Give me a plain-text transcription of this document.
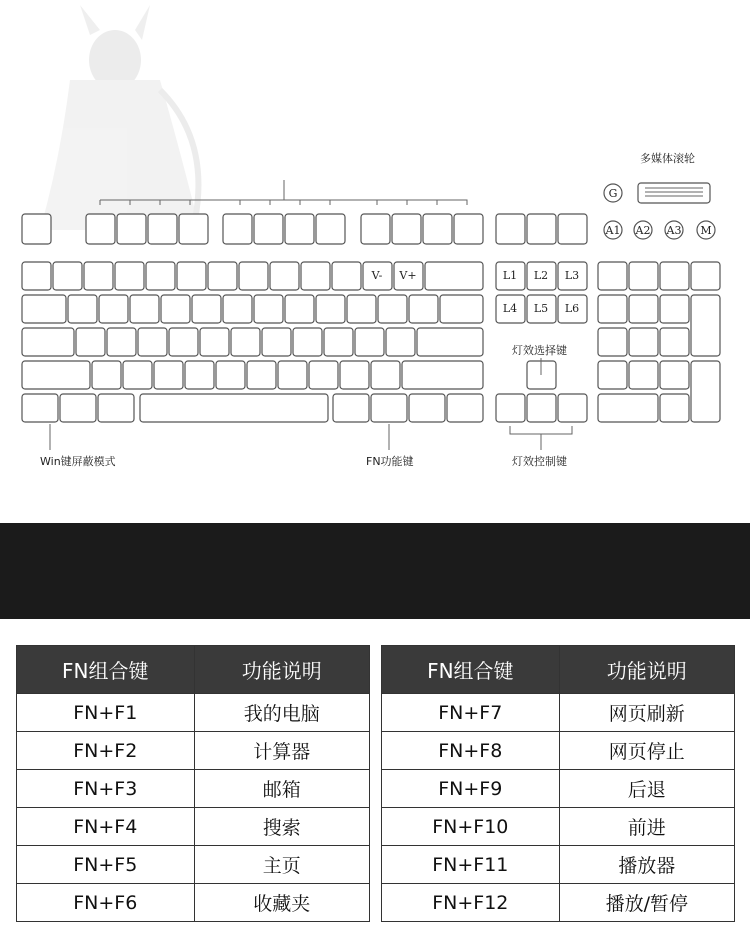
多媒体滚轮
G
A1 A2 A3 M
V- V+	L1 L2 L3
L4 L5 L6
灯效选择键
Win键屏蔽模式	FN功能键	灯效控制键
FN组合键	功能说明
FN+F1	我的电脑
FN+F2	计算器
FN+F3	邮箱
FN+F4	搜索
FN+F5	主页
FN+F6	收藏夹
FN组合键	功能说明
FN+F7	网页刷新
FN+F8	网页停止
FN+F9	后退
FN+F10	前进
FN+F11	播放器
FN+F12	播放/暂停
